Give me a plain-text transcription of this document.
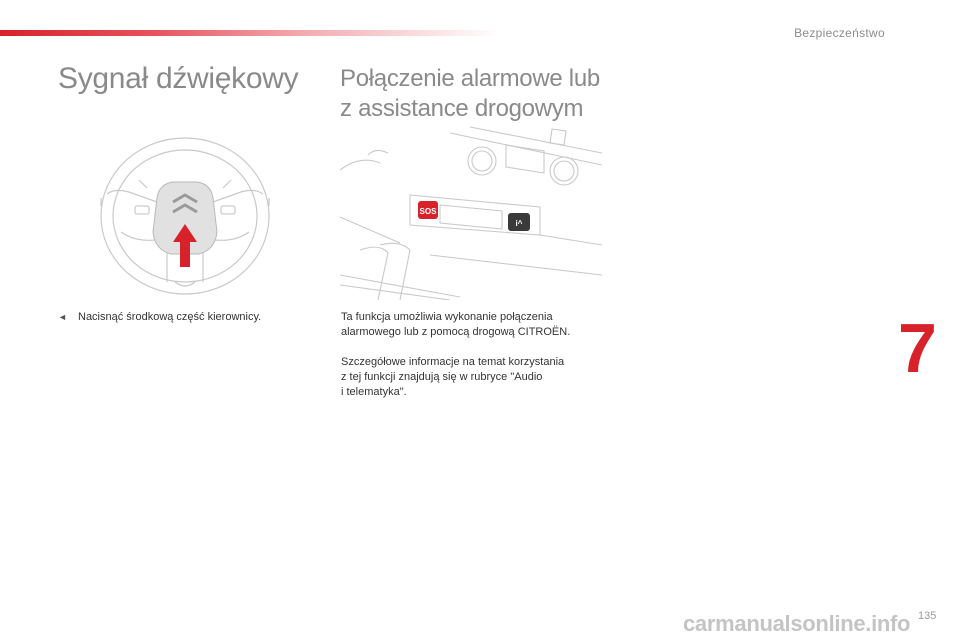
Bezpieczeństwo
Sygnał dźwiękowy Połączenie alarmowe lub
z assistance drogowym
SOS
i^
◄ Nacisnąć środkową część kierownicy.	Ta funkcja umożliwia wykonanie połączenia
alarmowego lub z pomocą drogową CITROËN.

Szczegółowe informacje na temat korzystania
z tej funkcji znajdują się w rubryce "Audio
i telematyka".

7
carmanualsonline.info 135
